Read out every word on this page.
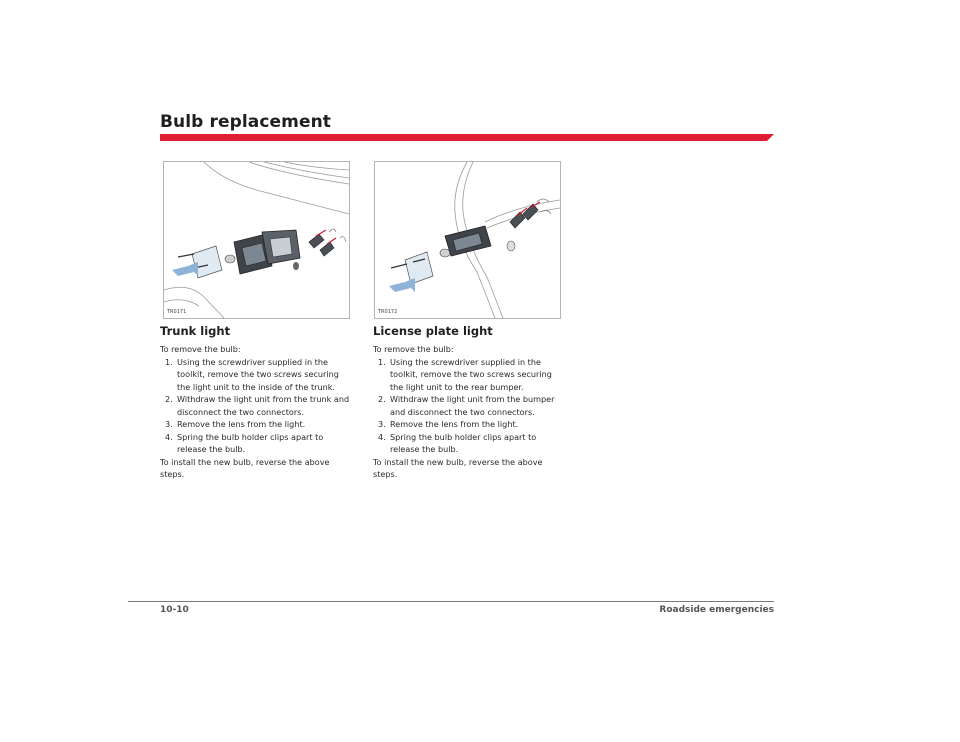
Bulb replacement
TR0171	TR0172
Trunk light

To remove the bulb:

1. Using the screwdriver supplied in the toolkit, remove the two screws securing the light unit to the inside of the trunk.
2. Withdraw the light unit from the trunk and disconnect the two connectors.
3. Remove the lens from the light.
4. Spring the bulb holder clips apart to release the bulb.

To install the new bulb, reverse the above steps.

License plate light

To remove the bulb:

1. Using the screwdriver supplied in the toolkit, remove the two screws securing the light unit to the rear bumper.
2. Withdraw the light unit from the bumper and disconnect the two connectors.
3. Remove the lens from the light.
4. Spring the bulb holder clips apart to release the bulb.

To install the new bulb, reverse the above steps.

10-10	Roadside emergencies
